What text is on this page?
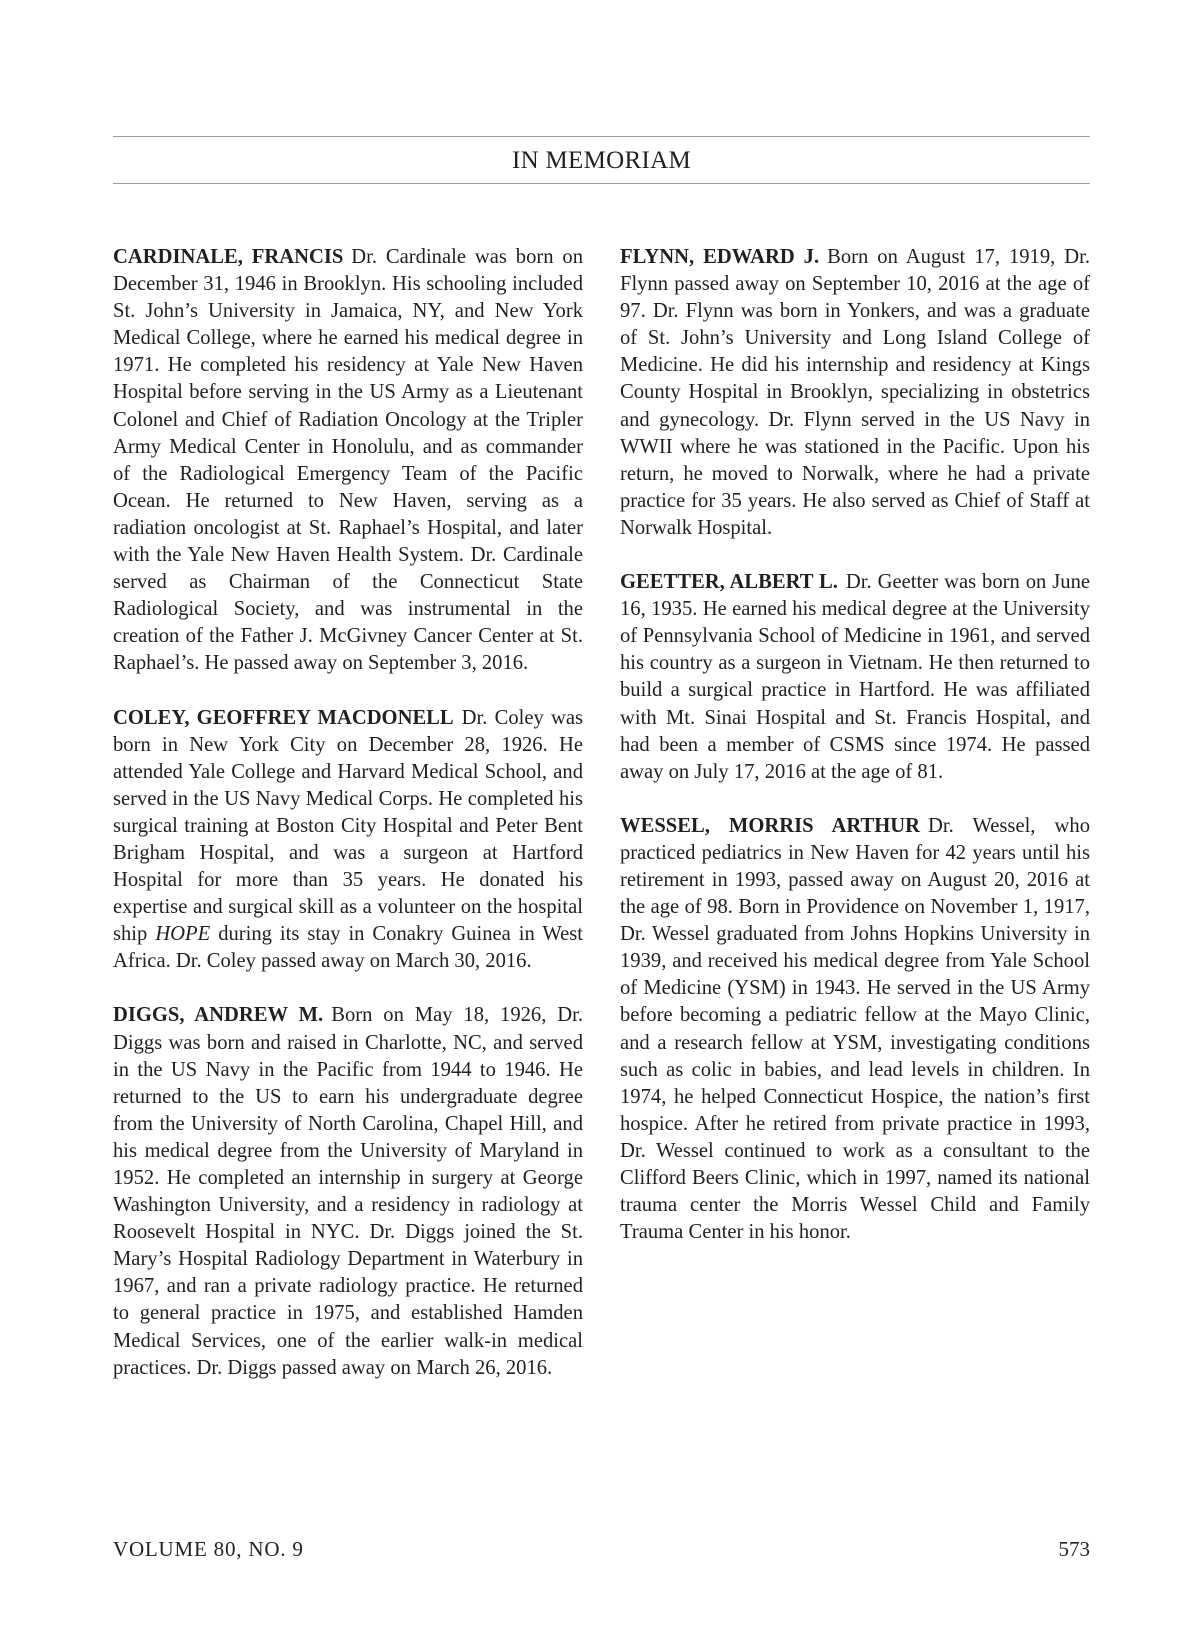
IN MEMORIAM

CARDINALE, FRANCIS Dr. Cardinale was born on December 31, 1946 in Brooklyn. His schooling included St. John’s University in Jamaica, NY, and New York Medical College, where he earned his medical degree in 1971. He completed his residency at Yale New Haven Hospital before serving in the US Army as a Lieutenant Colonel and Chief of Radiation Oncology at the Tripler Army Medical Center in Honolulu, and as commander of the Radiological Emergency Team of the Pacific Ocean. He returned to New Haven, serving as a radiation oncologist at St. Raphael’s Hospital, and later with the Yale New Haven Health System. Dr. Cardinale served as Chairman of the Connecticut State Radiological Society, and was instrumental in the creation of the Father J. McGivney Cancer Center at St. Raphael’s. He passed away on September 3, 2016.

COLEY, GEOFFREY MACDONELL Dr. Coley was born in New York City on December 28, 1926. He attended Yale College and Harvard Medical School, and served in the US Navy Medical Corps. He completed his surgical training at Boston City Hospital and Peter Bent Brigham Hospital, and was a surgeon at Hartford Hospital for more than 35 years. He donated his expertise and surgical skill as a volunteer on the hospital ship HOPE during its stay in Conakry Guinea in West Africa. Dr. Coley passed away on March 30, 2016.

DIGGS, ANDREW M. Born on May 18, 1926, Dr. Diggs was born and raised in Charlotte, NC, and served in the US Navy in the Pacific from 1944 to 1946. He returned to the US to earn his undergraduate degree from the University of North Carolina, Chapel Hill, and his medical degree from the University of Maryland in 1952. He completed an internship in surgery at George Washington University, and a residency in radiology at Roosevelt Hospital in NYC. Dr. Diggs joined the St. Mary’s Hospital Radiology Department in Waterbury in 1967, and ran a private radiology practice. He returned to general practice in 1975, and established Hamden Medical Services, one of the earlier walk-in medical practices. Dr. Diggs passed away on March 26, 2016.

FLYNN, EDWARD J. Born on August 17, 1919, Dr. Flynn passed away on September 10, 2016 at the age of 97. Dr. Flynn was born in Yonkers, and was a graduate of St. John’s University and Long Island College of Medicine. He did his internship and residency at Kings County Hospital in Brooklyn, specializing in obstetrics and gynecology. Dr. Flynn served in the US Navy in WWII where he was stationed in the Pacific. Upon his return, he moved to Norwalk, where he had a private practice for 35 years. He also served as Chief of Staff at Norwalk Hospital.

GEETTER, ALBERT L. Dr. Geetter was born on June 16, 1935. He earned his medical degree at the University of Pennsylvania School of Medicine in 1961, and served his country as a surgeon in Vietnam. He then returned to build a surgical practice in Hartford. He was affiliated with Mt. Sinai Hospital and St. Francis Hospital, and had been a member of CSMS since 1974. He passed away on July 17, 2016 at the age of 81.

WESSEL, MORRIS ARTHUR Dr. Wessel, who practiced pediatrics in New Haven for 42 years until his retirement in 1993, passed away on August 20, 2016 at the age of 98. Born in Providence on November 1, 1917, Dr. Wessel graduated from Johns Hopkins University in 1939, and received his medical degree from Yale School of Medicine (YSM) in 1943. He served in the US Army before becoming a pediatric fellow at the Mayo Clinic, and a research fellow at YSM, investigating conditions such as colic in babies, and lead levels in children. In 1974, he helped Connecticut Hospice, the nation’s first hospice. After he retired from private practice in 1993, Dr. Wessel continued to work as a consultant to the Clifford Beers Clinic, which in 1997, named its national trauma center the Morris Wessel Child and Family Trauma Center in his honor.

VOLUME 80, NO. 9	573
